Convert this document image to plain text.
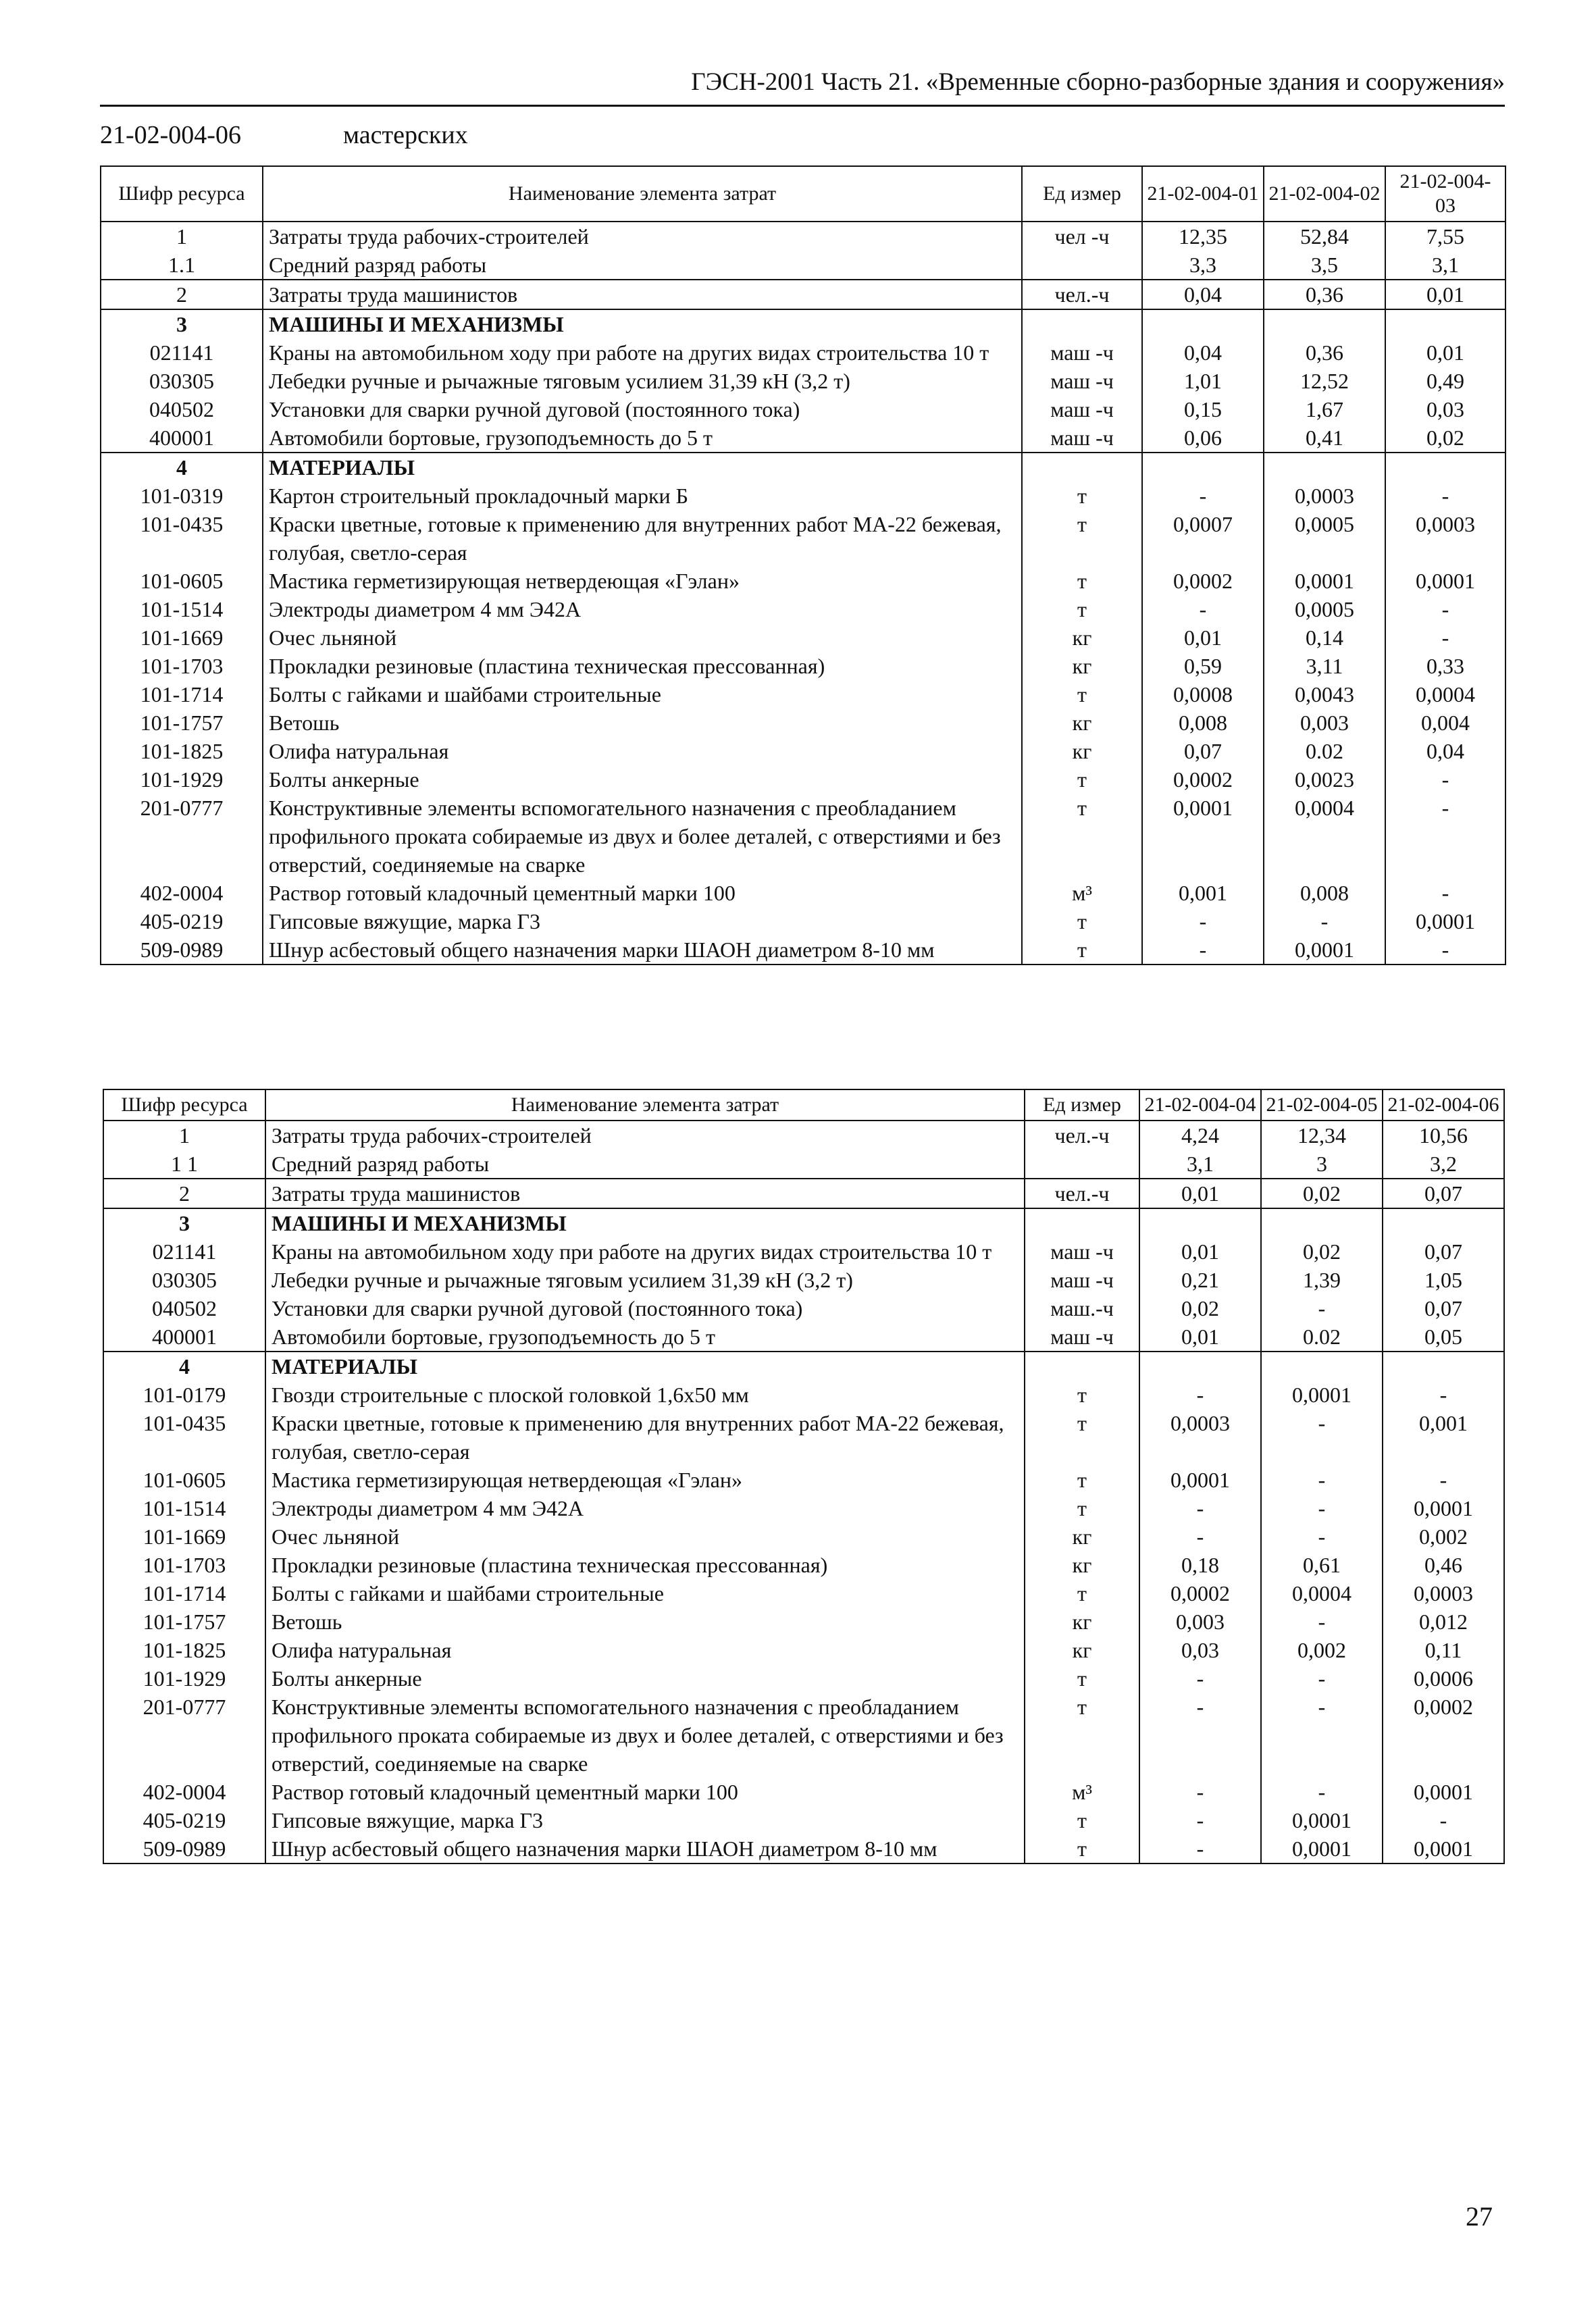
ГЭСН-2001 Часть 21. «Временные сборно-разборные здания и сооружения»
21-02-004-06	мастерских
Шифр ресурса	Наименование элемента затрат	Ед измер	21-02-004-01	21-02-004-02	21-02-004-03
1	Затраты труда рабочих-строителей	чел -ч	12,35	52,84	7,55
1.1	Средний разряд работы		3,3	3,5	3,1
2	Затраты труда машинистов	чел.-ч	0,04	0,36	0,01
3	МАШИНЫ И МЕХАНИЗМЫ				
021141	Краны на автомобильном ходу при работе на других видах строительства 10 т	маш -ч	0,04	0,36	0,01
030305	Лебедки ручные и рычажные тяговым усилием 31,39 кН (3,2 т)	маш -ч	1,01	12,52	0,49
040502	Установки для сварки ручной дуговой (постоянного тока)	маш -ч	0,15	1,67	0,03
400001	Автомобили бортовые, грузоподъемность до 5 т	маш -ч	0,06	0,41	0,02
4	МАТЕРИАЛЫ				
101-0319	Картон строительный прокладочный марки Б	т	-	0,0003	-
101-0435	Краски цветные, готовые к применению для внутренних работ МА-22 бежевая, голубая, светло-серая	т	0,0007	0,0005	0,0003
101-0605	Мастика герметизирующая нетвердеющая «Гэлан»	т	0,0002	0,0001	0,0001
101-1514	Электроды диаметром 4 мм Э42А	т	-	0,0005	-
101-1669	Очес льняной	кг	0,01	0,14	-
101-1703	Прокладки резиновые (пластина техническая прессованная)	кг	0,59	3,11	0,33
101-1714	Болты с гайками и шайбами строительные	т	0,0008	0,0043	0,0004
101-1757	Ветошь	кг	0,008	0,003	0,004
101-1825	Олифа натуральная	кг	0,07	0.02	0,04
101-1929	Болты анкерные	т	0,0002	0,0023	-
201-0777	Конструктивные элементы вспомогательного назначения с преобладанием профильного проката собираемые из двух и более деталей, с отверстиями и без отверстий, соединяемые на сварке	т	0,0001	0,0004	-
402-0004	Раствор готовый кладочный цементный марки 100	м³	0,001	0,008	-
405-0219	Гипсовые вяжущие, марка Г3	т	-	-	0,0001
509-0989	Шнур асбестовый общего назначения марки ШАОН диаметром 8-10 мм	т	-	0,0001	-
Шифр ресурса	Наименование элемента затрат	Ед измер	21-02-004-04	21-02-004-05	21-02-004-06
1	Затраты труда рабочих-строителей	чел.-ч	4,24	12,34	10,56
1 1	Средний разряд работы		3,1	3	3,2
2	Затраты труда машинистов	чел.-ч	0,01	0,02	0,07
3	МАШИНЫ И МЕХАНИЗМЫ				
021141	Краны на автомобильном ходу при работе на других видах строительства 10 т	маш -ч	0,01	0,02	0,07
030305	Лебедки ручные и рычажные тяговым усилием 31,39 кН (3,2 т)	маш -ч	0,21	1,39	1,05
040502	Установки для сварки ручной дуговой (постоянного тока)	маш.-ч	0,02	-	0,07
400001	Автомобили бортовые, грузоподъемность до 5 т	маш -ч	0,01	0.02	0,05
4	МАТЕРИАЛЫ				
101-0179	Гвозди строительные с плоской головкой 1,6х50 мм	т	-	0,0001	-
101-0435	Краски цветные, готовые к применению для внутренних работ МА-22 бежевая, голубая, светло-серая	т	0,0003	-	0,001
101-0605	Мастика герметизирующая нетвердеющая «Гэлан»	т	0,0001	-	-
101-1514	Электроды диаметром 4 мм Э42А	т	-	-	0,0001
101-1669	Очес льняной	кг	-	-	0,002
101-1703	Прокладки резиновые (пластина техническая прессованная)	кг	0,18	0,61	0,46
101-1714	Болты с гайками и шайбами строительные	т	0,0002	0,0004	0,0003
101-1757	Ветошь	кг	0,003	-	0,012
101-1825	Олифа натуральная	кг	0,03	0,002	0,11
101-1929	Болты анкерные	т	-	-	0,0006
201-0777	Конструктивные элементы вспомогательного назначения с преобладанием профильного проката собираемые из двух и более деталей, с отверстиями и без отверстий, соединяемые на сварке	т	-	-	0,0002
402-0004	Раствор готовый кладочный цементный марки 100	м³	-	-	0,0001
405-0219	Гипсовые вяжущие, марка Г3	т	-	0,0001	-
509-0989	Шнур асбестовый общего назначения марки ШАОН диаметром 8-10 мм	т	-	0,0001	0,0001
27
